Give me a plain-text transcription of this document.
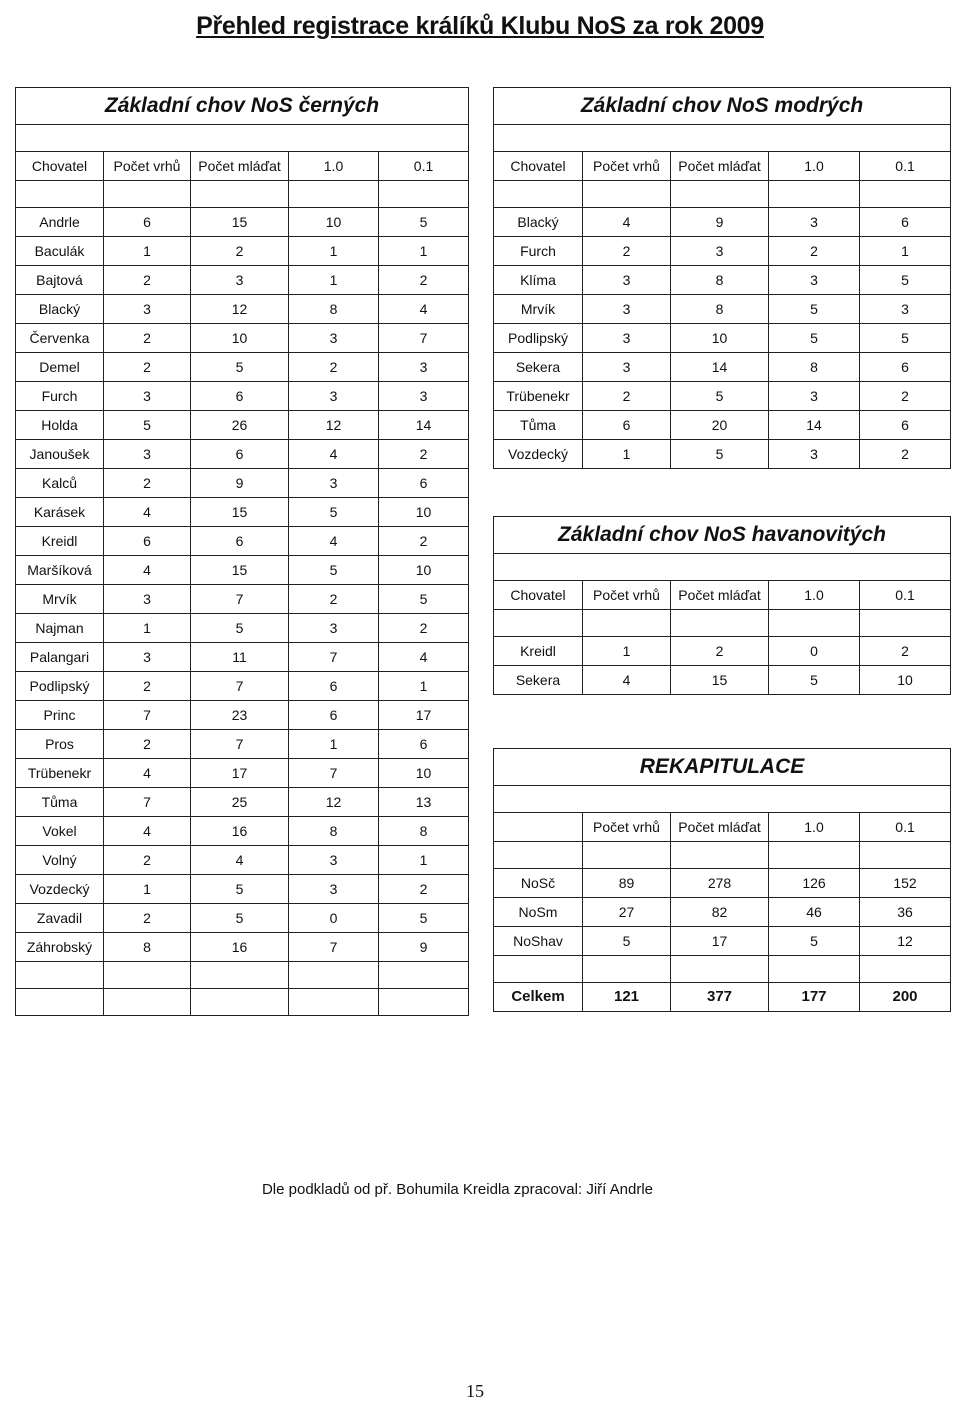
Přehled registrace králíků Klubu NoS za rok 2009
Základní chov NoS černých				

Chovatel	Počet vrhů	Počet mláďat	1.0	0.1

Andrle	6	15	10	5
Baculák	1	2	1	1
Bajtová	2	3	1	2
Blacký	3	12	8	4
Červenka	2	10	3	7
Demel	2	5	2	3
Furch	3	6	3	3
Holda	5	26	12	14
Janoušek	3	6	4	2
Kalců	2	9	3	6
Karásek	4	15	5	10
Kreidl	6	6	4	2
Maršíková	4	15	5	10
Mrvík	3	7	2	5
Najman	1	5	3	2
Palangari	3	11	7	4
Podlipský	2	7	6	1
Princ	7	23	6	17
Pros	2	7	1	6
Trübenekr	4	17	7	10
Tůma	7	25	12	13
Vokel	4	16	8	8
Volný	2	4	3	1
Vozdecký	1	5	3	2
Zavadil	2	5	0	5
Záhrobský	8	16	7	9

Základní chov NoS modrých				

Chovatel	Počet vrhů	Počet mláďat	1.0	0.1

Blacký	4	9	3	6
Furch	2	3	2	1
Klíma	3	8	3	5
Mrvík	3	8	5	3
Podlipský	3	10	5	5
Sekera	3	14	8	6
Trübenekr	2	5	3	2
Tůma	6	20	14	6
Vozdecký	1	5	3	2
Základní chov NoS havanovitých				

Chovatel	Počet vrhů	Počet mláďat	1.0	0.1

Kreidl	1	2	0	2
Sekera	4	15	5	10
REKAPITULACE				

	Počet vrhů	Počet mláďat	1.0	0.1

NoSč	89	278	126	152
NoSm	27	82	46	36
NoShav	5	17	5	12

Celkem	121	377	177	200
Dle podkladů od př. Bohumila Kreidla zpracoval: Jiří Andrle
15
